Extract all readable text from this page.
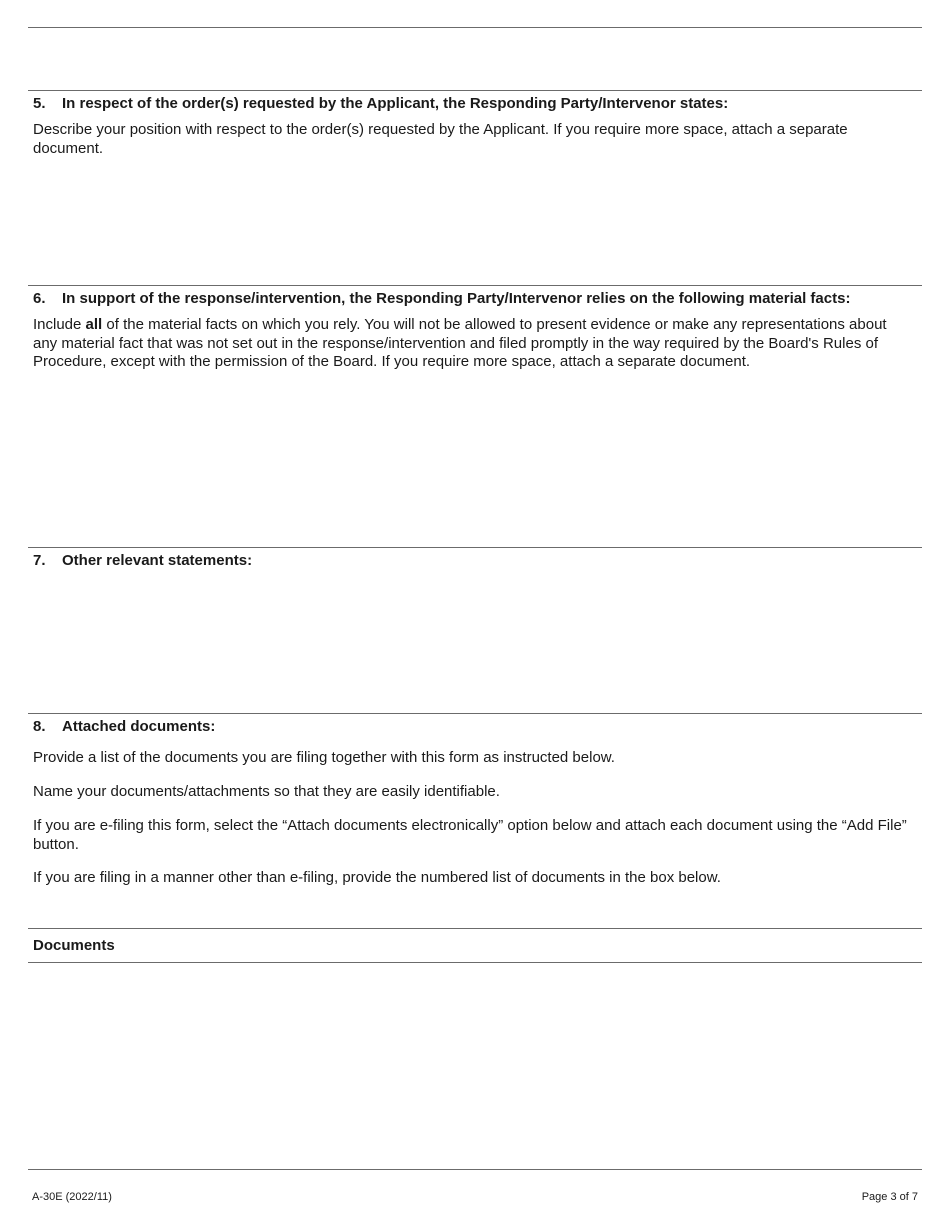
5. In respect of the order(s) requested by the Applicant, the Responding Party/Intervenor states:
Describe your position with respect to the order(s) requested by the Applicant. If you require more space, attach a separate document.
6. In support of the response/intervention, the Responding Party/Intervenor relies on the following material facts:
Include all of the material facts on which you rely. You will not be allowed to present evidence or make any representations about any material fact that was not set out in the response/intervention and filed promptly in the way required by the Board's Rules of Procedure, except with the permission of the Board. If you require more space, attach a separate document.
7. Other relevant statements:
8. Attached documents:
Provide a list of the documents you are filing together with this form as instructed below.
Name your documents/attachments so that they are easily identifiable.
If you are e-filing this form, select the “Attach documents electronically” option below and attach each document using the “Add File” button.
If you are filing in a manner other than e-filing, provide the numbered list of documents in the box below.
Documents
A-30E (2022/11)	Page 3 of 7
